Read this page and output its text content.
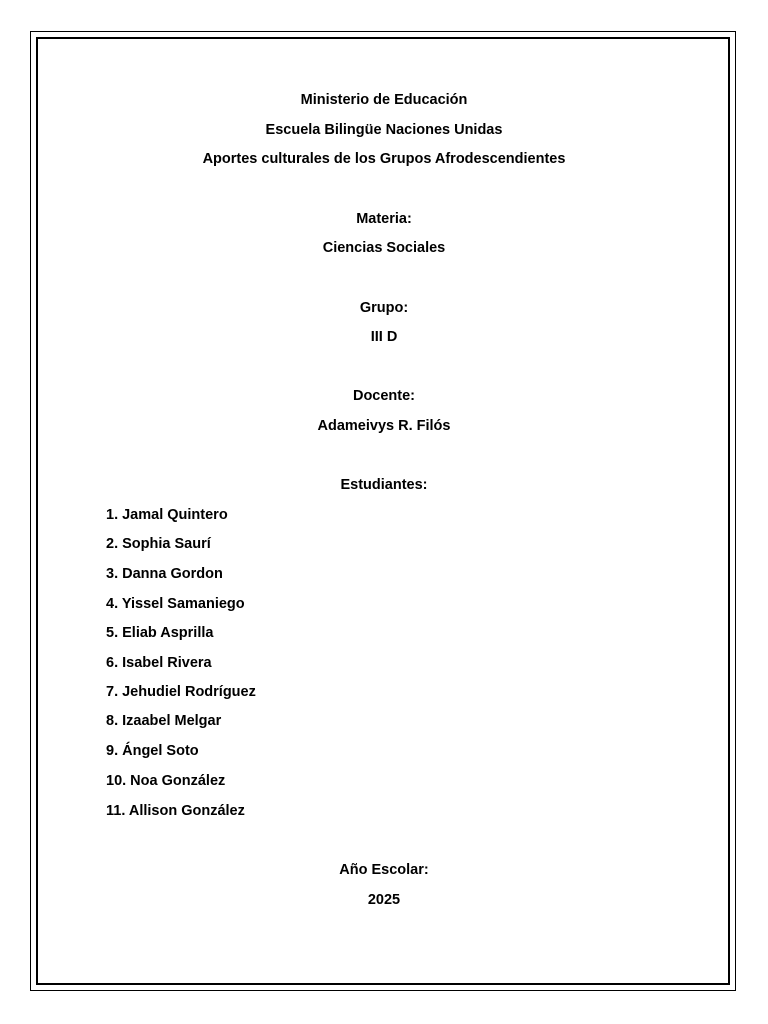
Ministerio de Educación
Escuela Bilingüe Naciones Unidas
Aportes culturales de los Grupos Afrodescendientes
Materia:
Ciencias Sociales
Grupo:
III D
Docente:
Adameivys R. Filós
Estudiantes:
1. Jamal Quintero
2. Sophia Saurí
3. Danna Gordon
4. Yissel Samaniego
5. Eliab Asprilla
6. Isabel Rivera
7. Jehudiel Rodríguez
8. Izaabel Melgar
9. Ángel Soto
10. Noa González
11. Allison González
Año Escolar:
2025
